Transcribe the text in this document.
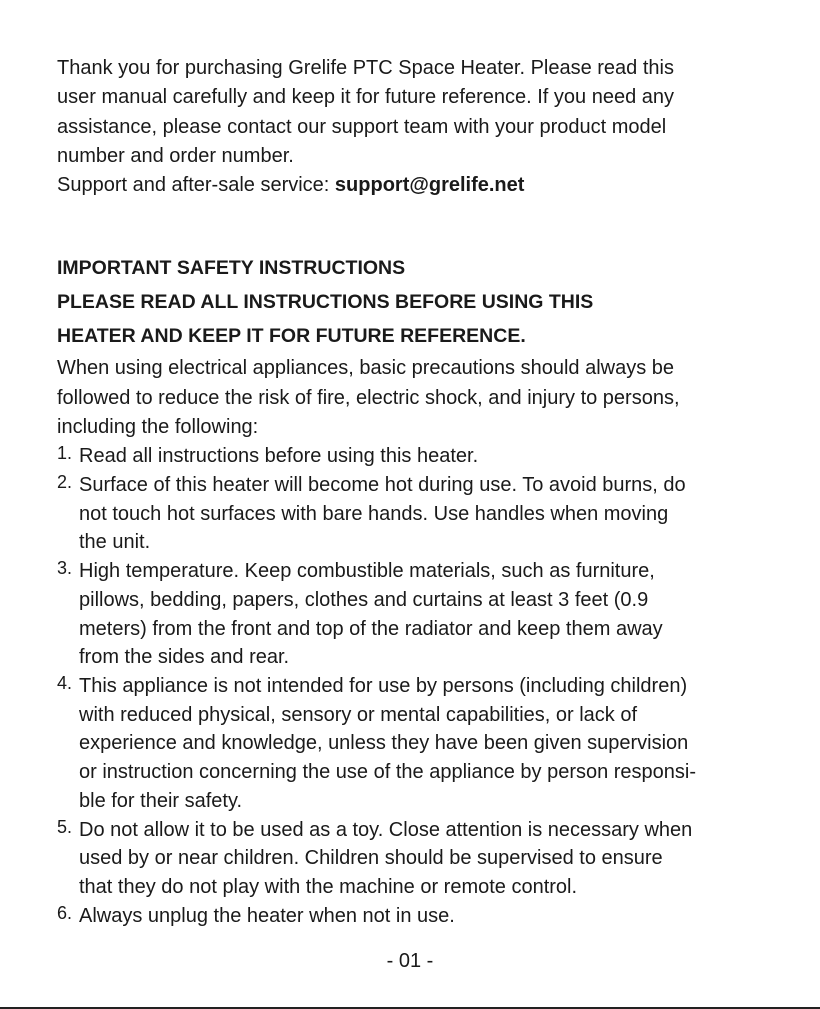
Thank you for purchasing Grelife PTC Space Heater. Please read this

user manual carefully and keep it for future reference. If you need any

assistance, please contact our support team with your product model

number and order number.

Support and after-sale service: support@grelife.net

IMPORTANT SAFETY INSTRUCTIONS

PLEASE READ ALL INSTRUCTIONS BEFORE USING THIS

HEATER AND KEEP IT FOR FUTURE REFERENCE.

When using electrical appliances, basic precautions should always be

followed to reduce the risk of fire, electric shock, and injury to persons,

including the following:

1. Read all instructions before using this heater.
2. Surface of this heater will become hot during use. To avoid burns, do
not touch hot surfaces with bare hands. Use handles when moving
the unit.
3. High temperature. Keep combustible materials, such as furniture,
pillows, bedding, papers, clothes and curtains at least 3 feet (0.9
meters) from the front and top of the radiator and keep them away
from the sides and rear.
4. This appliance is not intended for use by persons (including children)
with reduced physical, sensory or mental capabilities, or lack of
experience and knowledge, unless they have been given supervision
or instruction concerning the use of the appliance by person responsi-
ble for their safety.
5. Do not allow it to be used as a toy. Close attention is necessary when
used by or near children. Children should be supervised to ensure
that they do not play with the machine or remote control.
6. Always unplug the heater when not in use.
- 01 -
